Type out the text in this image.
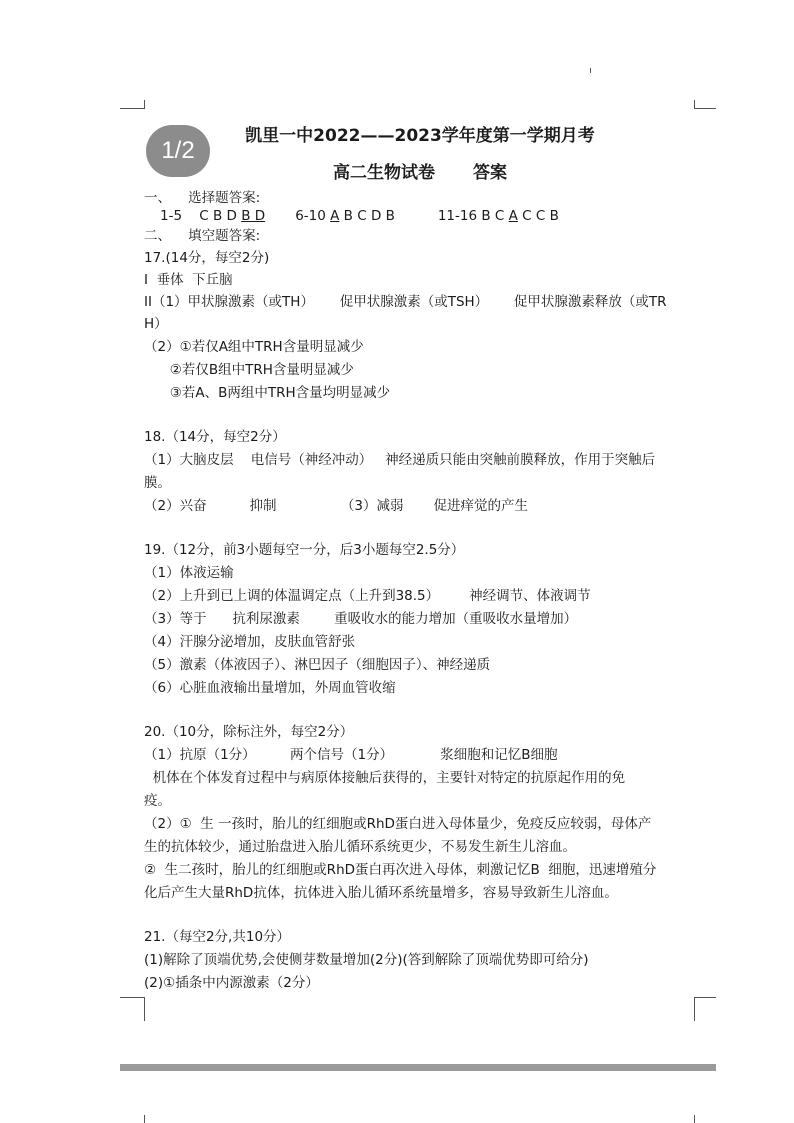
1/2
凯里一中2022——2023学年度第一学期月考
高二生物试卷 答案

一、    选择题答案:

1-5 C B D B D 6-10 A B C D B	11-16 B C A C C B

二、    填空题答案:

17.(14分，每空2分)

I  垂体  下丘脑

II（1）甲状腺激素（或TH）      促甲状腺激素（或TSH）      促甲状腺激素释放（或TR

H）

（2）①若仅A组中TRH含量明显减少

②若仅B组中TRH含量明显减少

③若A、B两组中TRH含量均明显减少

18.（14分，每空2分）

（1）大脑皮层    电信号（神经冲动）   神经递质只能由突触前膜释放，作用于突触后

膜。

（2）兴奋          抑制               （3）减弱       促进痒觉的产生

19.（12分，前3小题每空一分，后3小题每空2.5分）

（1）体液运输

（2）上升到已上调的体温调定点（上升到38.5）       神经调节、体液调节

（3）等于      抗利尿激素        重吸收水的能力增加（重吸收水量增加）

（4）汗腺分泌增加，皮肤血管舒张

（5）激素（体液因子）、淋巴因子（细胞因子）、神经递质

（6）心脏血液输出量增加，外周血管收缩

20.（10分，除标注外，每空2分）

（1）抗原（1分）        两个信号（1分）           浆细胞和记忆B细胞

机体在个体发育过程中与病原体接触后获得的，主要针对特定的抗原起作用的免

疫。

（2）①  生 一孩时，胎儿的红细胞或RhD蛋白进入母体量少，免疫反应较弱，母体产

生的抗体较少，通过胎盘进入胎儿循环系统更少，不易发生新生儿溶血。

②  生二孩时，胎儿的红细胞或RhD蛋白再次进入母体，刺激记忆B  细胞，迅速增殖分

化后产生大量RhD抗体，抗体进入胎儿循环系统量增多，容易导致新生儿溶血。

21.（每空2分,共10分）

(1)解除了顶端优势,会使侧芽数量增加(2分)(答到解除了顶端优势即可给分)

(2)①插条中内源激素（2分）
